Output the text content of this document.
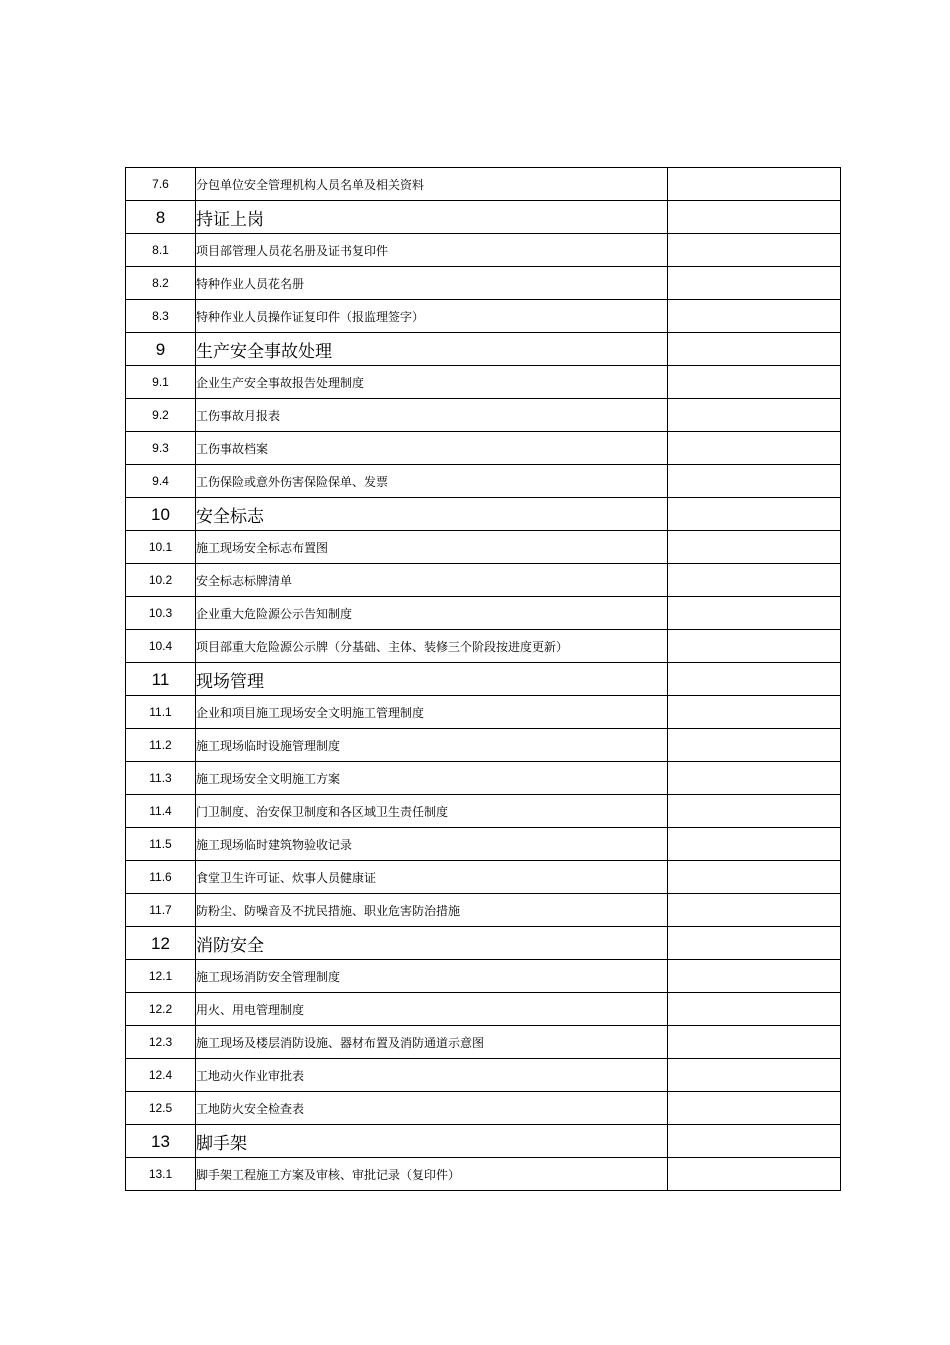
7.6	分包单位安全管理机构人员名单及相关资料	
8	持证上岗	
8.1	项目部管理人员花名册及证书复印件	
8.2	特种作业人员花名册	
8.3	特种作业人员操作证复印件（报监理签字）	
9	生产安全事故处理	
9.1	企业生产安全事故报告处理制度	
9.2	工伤事故月报表	
9.3	工伤事故档案	
9.4	工伤保险或意外伤害保险保单、发票	
10	安全标志	
10.1	施工现场安全标志布置图	
10.2	安全标志标牌清单	
10.3	企业重大危险源公示告知制度	
10.4	项目部重大危险源公示牌（分基础、主体、装修三个阶段按进度更新）	
11	现场管理	
11.1	企业和项目施工现场安全文明施工管理制度	
11.2	施工现场临时设施管理制度	
11.3	施工现场安全文明施工方案	
11.4	门卫制度、治安保卫制度和各区域卫生责任制度	
11.5	施工现场临时建筑物验收记录	
11.6	食堂卫生许可证、炊事人员健康证	
11.7	防粉尘、防噪音及不扰民措施、职业危害防治措施	
12	消防安全	
12.1	施工现场消防安全管理制度	
12.2	用火、用电管理制度	
12.3	施工现场及楼层消防设施、器材布置及消防通道示意图	
12.4	工地动火作业审批表	
12.5	工地防火安全检查表	
13	脚手架	
13.1	脚手架工程施工方案及审核、审批记录（复印件）	
